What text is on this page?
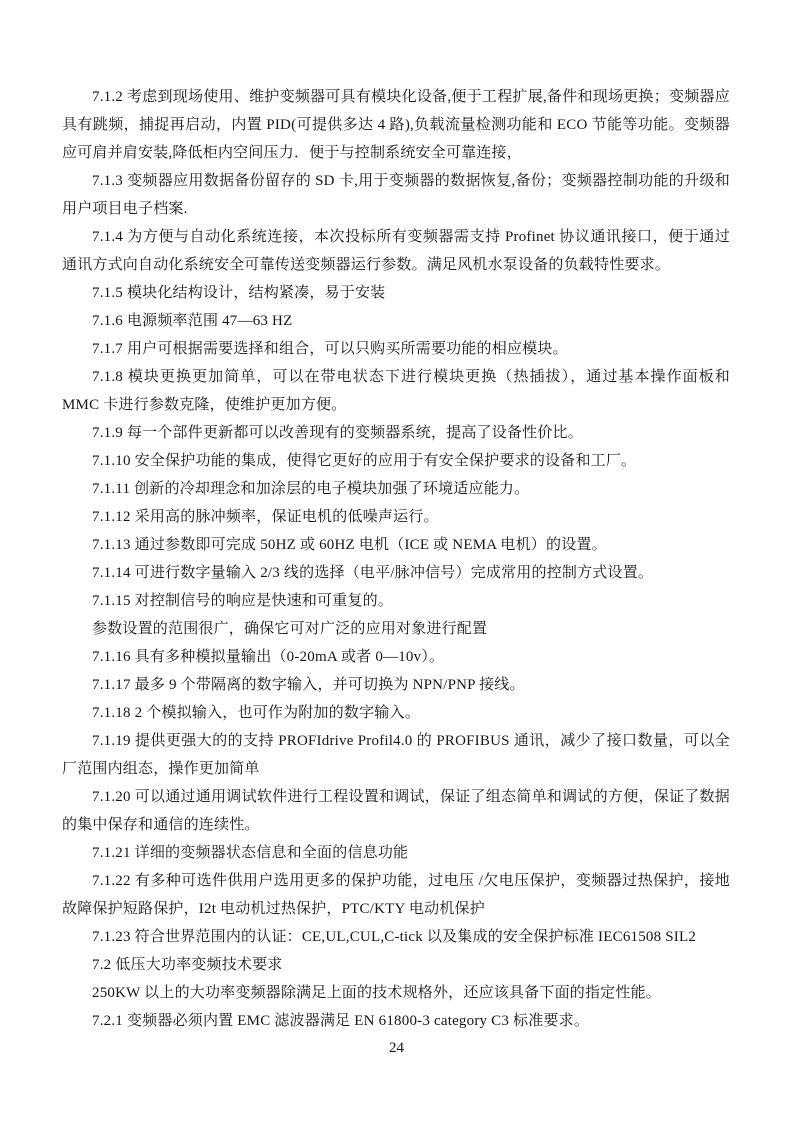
7.1.2 考虑到现场使用、维护变频器可具有模块化设备,便于工程扩展,备件和现场更换；变频器应具有跳频，捕捉再启动，内置 PID(可提供多达 4 路),负载流量检测功能和 ECO 节能等功能。变频器应可肩并肩安装,降低柜内空间压力．便于与控制系统安全可靠连接，

7.1.3 变频器应用数据备份留存的 SD 卡,用于变频器的数据恢复,备份；变频器控制功能的升级和用户项目电子档案.

7.1.4 为方便与自动化系统连接，本次投标所有变频器需支持 Profinet 协议通讯接口，便于通过通讯方式向自动化系统安全可靠传送变频器运行参数。满足风机水泵设备的负载特性要求。

7.1.5 模块化结构设计，结构紧凑，易于安装

7.1.6 电源频率范围 47—63 HZ

7.1.7 用户可根据需要选择和组合，可以只购买所需要功能的相应模块。

7.1.8 模块更换更加简单，可以在带电状态下进行模块更换（热插拔），通过基本操作面板和 MMC 卡进行参数克隆，使维护更加方便。

7.1.9 每一个部件更新都可以改善现有的变频器系统，提高了设备性价比。

7.1.10 安全保护功能的集成，使得它更好的应用于有安全保护要求的设备和工厂。

7.1.11 创新的冷却理念和加涂层的电子模块加强了环境适应能力。

7.1.12 采用高的脉冲频率，保证电机的低噪声运行。

7.1.13 通过参数即可完成 50HZ 或 60HZ 电机（ICE 或 NEMA 电机）的设置。

7.1.14 可进行数字量输入 2/3 线的选择（电平/脉冲信号）完成常用的控制方式设置。

7.1.15 对控制信号的响应是快速和可重复的。

参数设置的范围很广，确保它可对广泛的应用对象进行配置

7.1.16 具有多种模拟量输出（0-20mA 或者 0—10v）。

7.1.17 最多 9 个带隔离的数字输入，并可切换为 NPN/PNP 接线。

7.1.18 2 个模拟输入，也可作为附加的数字输入。

7.1.19 提供更强大的的支持 PROFIdrive Profil4.0 的 PROFIBUS 通讯，减少了接口数量，可以全厂范围内组态，操作更加简单

7.1.20 可以通过通用调试软件进行工程设置和调试，保证了组态简单和调试的方便，保证了数据的集中保存和通信的连续性。

7.1.21 详细的变频器状态信息和全面的信息功能

7.1.22 有多种可选件供用户选用更多的保护功能，过电压 /欠电压保护，变频器过热保护，接地故障保护短路保护，I2t 电动机过热保护，PTC/KTY 电动机保护

7.1.23 符合世界范围内的认证：CE,UL,CUL,C-tick 以及集成的安全保护标准 IEC61508 SIL2

7.2 低压大功率变频技术要求

250KW 以上的大功率变频器除满足上面的技术规格外，还应该具备下面的指定性能。

7.2.1 变频器必须内置 EMC 滤波器满足 EN 61800-3 category C3 标准要求。

24
